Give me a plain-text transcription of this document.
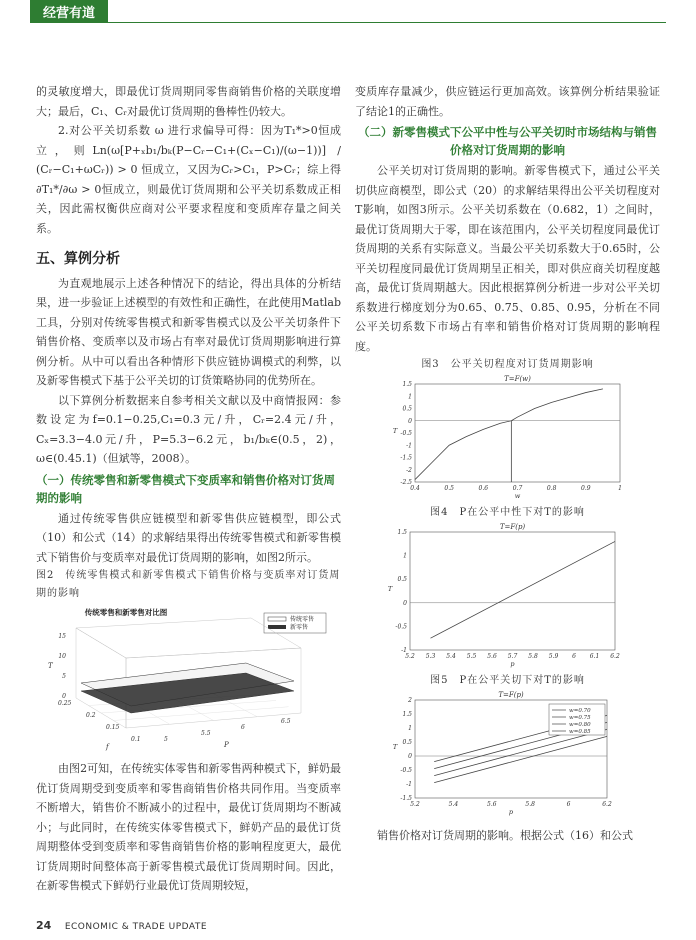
经营有道

的灵敏度增大，即最优订货周期同零售商销售价格的关联度增大；最后，C₁、Cᵣ对最优订货周期的鲁棒性仍较大。

2.对公平关切系数 ω 进行求偏导可得：因为T₁*>0恒成立，则Ln(ω[P+ₓb₁/bₖ(P−Cᵣ−C₁+(Cₓ−C₁)/(ω−1))] / (Cᵣ−C₁+ωCᵣ)) > 0 恒成立，又因为Cᵣ>C₁，P>Cᵣ；综上得 ∂T₁*/∂ω > 0恒成立，则最优订货周期和公平关切系数成正相关，因此需权衡供应商对公平要求程度和变质库存量之间关系。

五、算例分析

为直观地展示上述各种情况下的结论，得出具体的分析结果，进一步验证上述模型的有效性和正确性，在此使用Matlab工具，分别对传统零售模式和新零售模式以及公平关切条件下销售价格、变质率以及市场占有率对最优订货周期影响进行算例分析。从中可以看出各种情形下供应链协调模式的利弊，以及新零售模式下基于公平关切的订货策略协同的优势所在。

以下算例分析数据来自参考相关文献以及中商情报网：参数设定为f=0.1−0.25,C₁=0.3元/升，Cᵣ=2.4元/升，Cₓ=3.3−4.0元/升，P=5.3−6.2元，b₁/bₖ∈(0.5，2)，ω∈(0.45.1)（但斌等，2008）。

（一）传统零售和新零售模式下变质率和销售价格对订货周期的影响

通过传统零售供应链模型和新零售供应链模型，即公式（10）和公式（14）的求解结果得出传统零售模式和新零售模式下销售价与变质率对最优订货周期的影响，如图2所示。

图2　传统零售模式和新零售模式下销售价格与变质率对订货周期的影响
传统零售和新零售对比图
传统零售
新零售
0
5
10
15
T
0.25
0.2
0.15
0.1
f
5
5.5
6
6.5
P

由图2可知，在传统实体零售和新零售两种模式下，鲜奶最优订货周期受到变质率和零售商销售价格共同作用。当变质率不断增大，销售价不断减小的过程中，最优订货周期均不断减小；与此同时，在传统实体零售模式下，鲜奶产品的最优订货周期整体受到变质率和零售商销售价格的影响程度更大，最优订货周期时间整体高于新零售模式最优订货周期时间。因此，在新零售模式下鲜奶行业最优订货周期较短，

变质库存量减少，供应链运行更加高效。该算例分析结果验证了结论1的正确性。

（二）新零售模式下公平中性与公平关切时市场结构与销售价格对订货周期的影响

公平关切对订货周期的影响。新零售模式下，通过公平关切供应商模型，即公式（20）的求解结果得出公平关切程度对T影响，如图3所示。公平关切系数在（0.682，1）之间时，最优订货周期大于零，即在该范围内，公平关切程度同最优订货周期的关系有实际意义。当最公平关切系数大于0.65时，公平关切程度同最优订货周期呈正相关，即对供应商关切程度越高，最优订货周期越大。因此根据算例分析进一步对公平关切系数进行梯度划分为0.65、0.75、0.85、0.95，分析在不同公平关切系数下市场占有率和销售价格对订货周期的影响程度。

图3　公平关切程度对订货周期影响
T=F(w)
0.4	0.5	0.6	0.7	0.8	0.9	1
1.5
1
0.5
0
-0.5
-1
-1.5
-2
-2.5
w
T
图4　P在公平中性下对T的影响
T=F(p)
5.2 5.3 5.4 5.5 5.6 5.7 5.8 5.9 6 6.1 6.2
1.5
1
0.5
0
-0.5
-1
p
T
图5　P在公平关切下对T的影响
T=F(p)
5.2	5.4	5.6	5.8	6	6.2
2
1.5
1
0.5
0
-0.5
-1
-1.5
p
T
w=0.70
w=0.75
w=0.80
w=0.85

销售价格对订货周期的影响。根据公式（16）和公式

24 ECONOMIC & TRADE UPDATE
